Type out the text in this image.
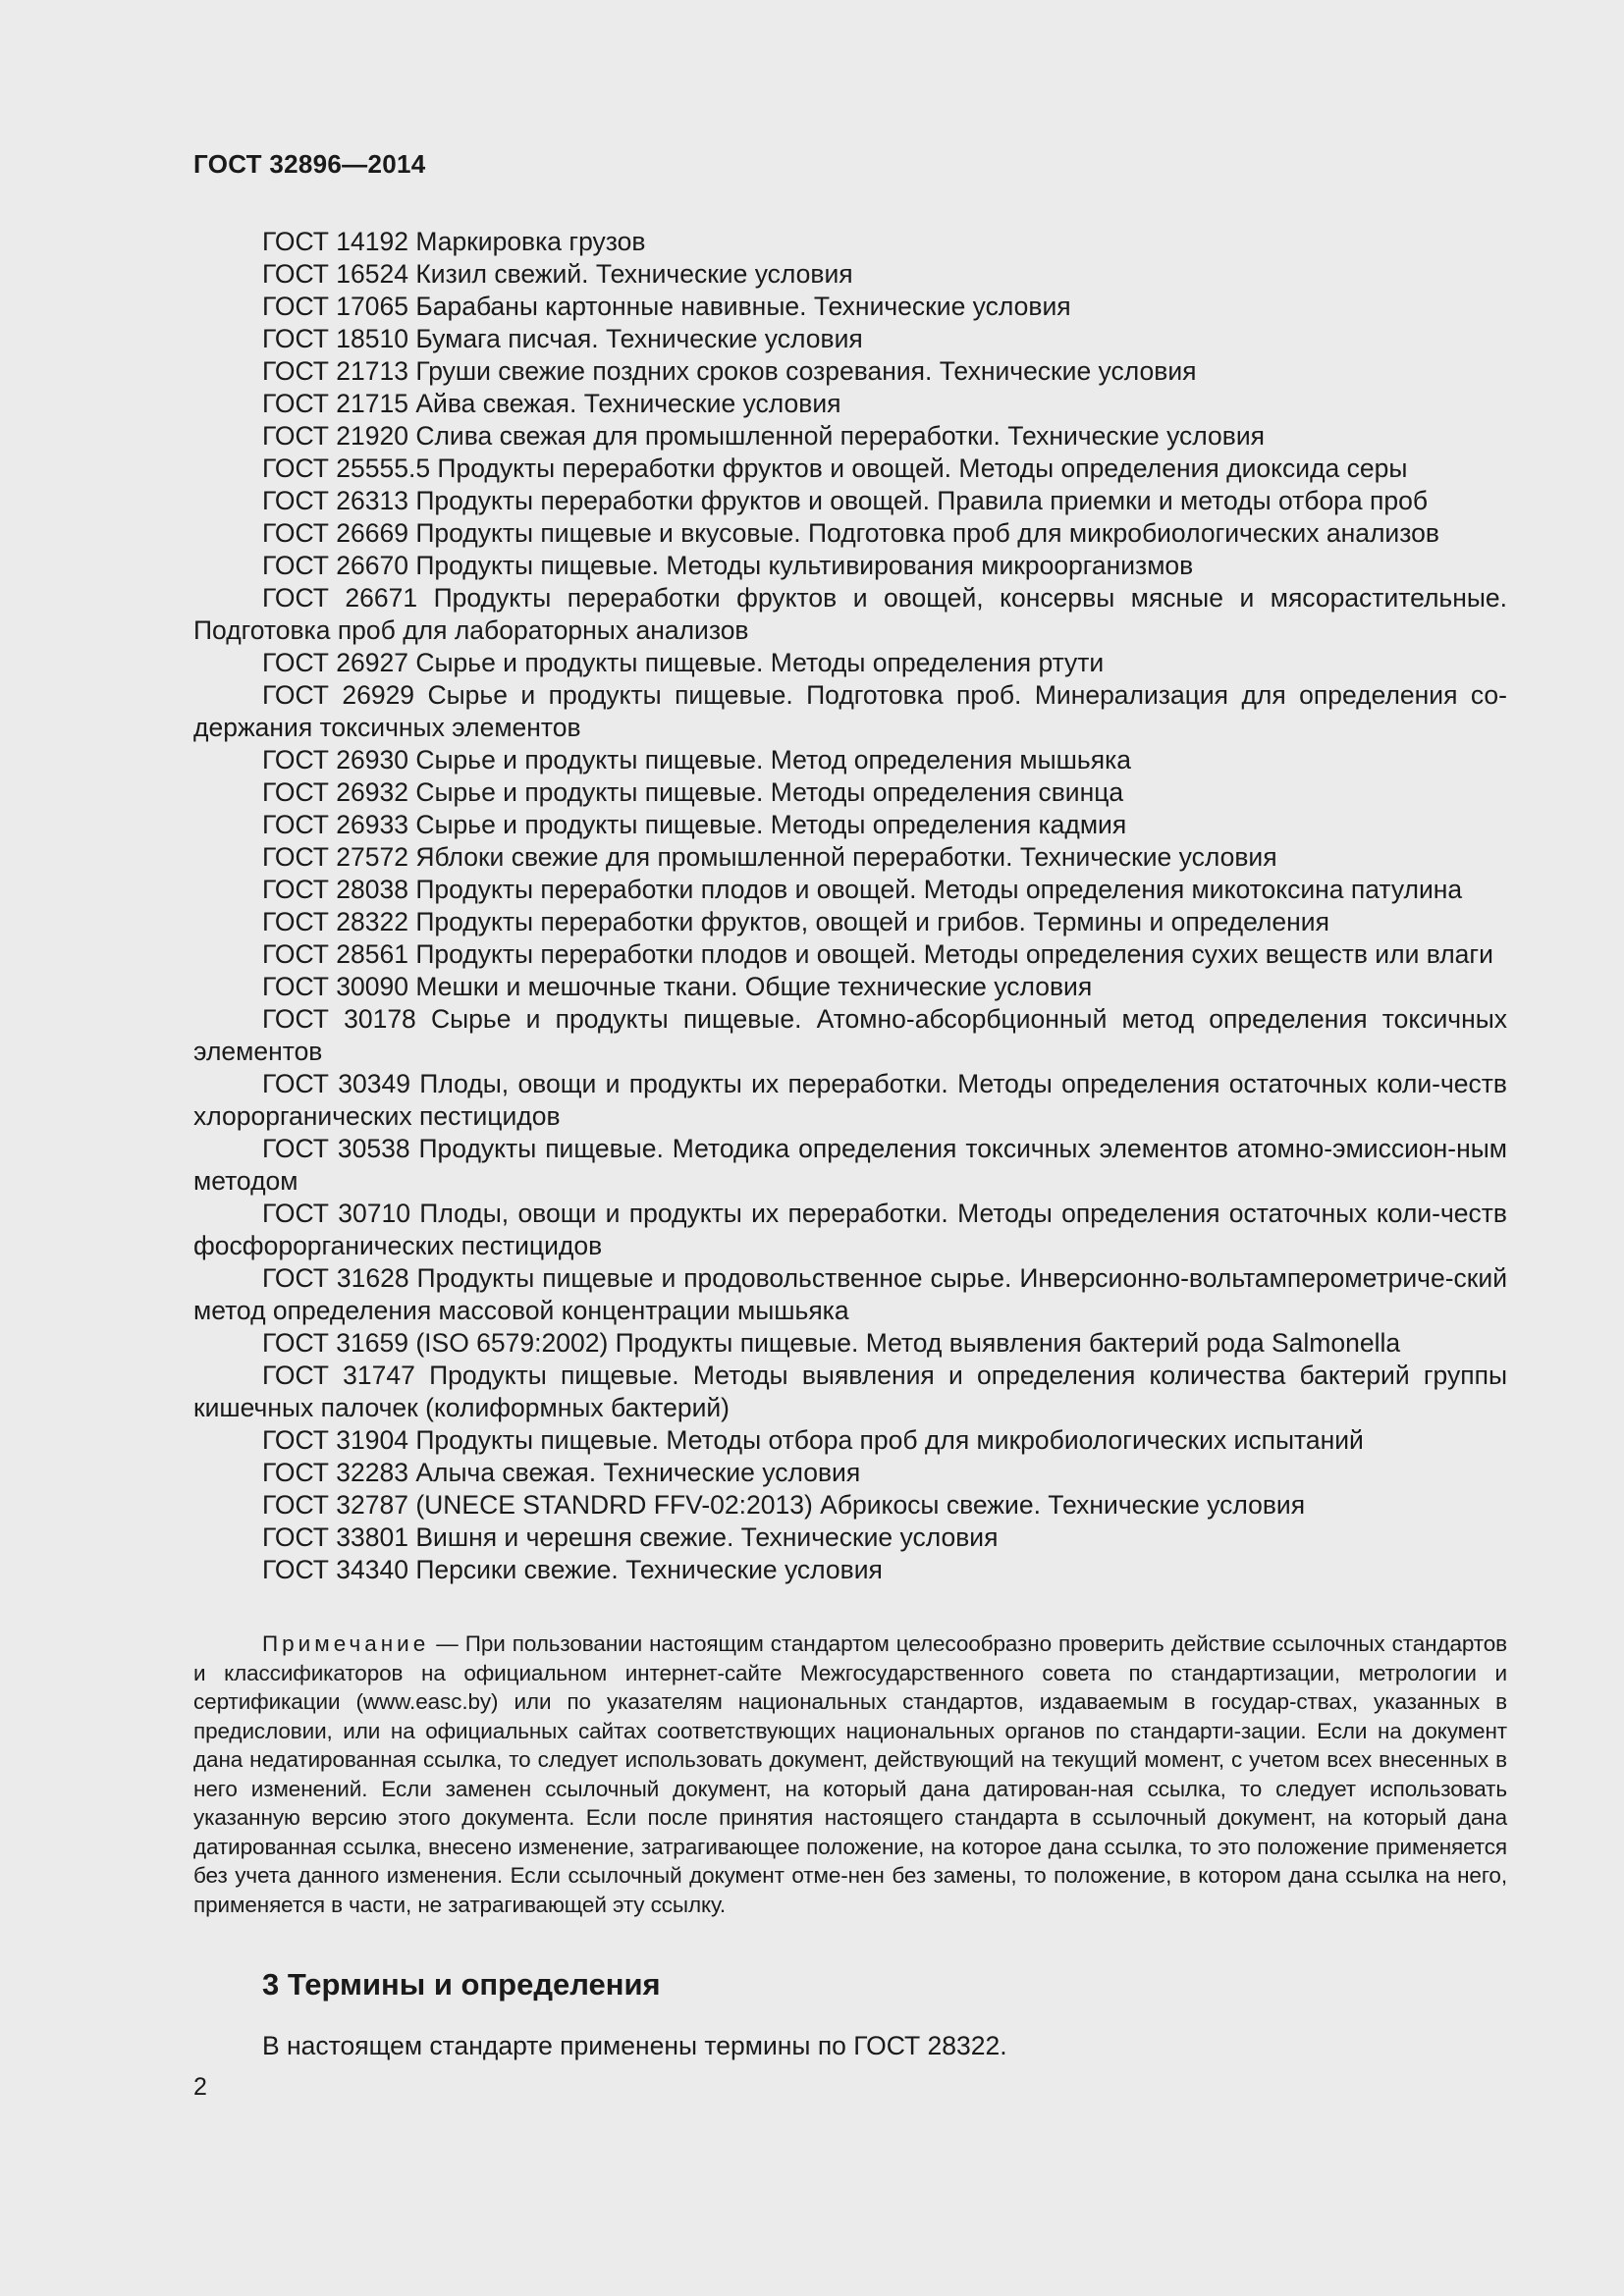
ГОСТ 32896—2014

ГОСТ 14192 Маркировка грузов

ГОСТ 16524 Кизил свежий. Технические условия

ГОСТ 17065 Барабаны картонные навивные. Технические условия

ГОСТ 18510 Бумага писчая. Технические условия

ГОСТ 21713 Груши свежие поздних сроков созревания. Технические условия

ГОСТ 21715 Айва свежая. Технические условия

ГОСТ 21920 Слива свежая для промышленной переработки. Технические условия

ГОСТ 25555.5 Продукты переработки фруктов и овощей. Методы определения диоксида серы

ГОСТ 26313 Продукты переработки фруктов и овощей. Правила приемки и методы отбора проб

ГОСТ 26669 Продукты пищевые и вкусовые. Подготовка проб для микробиологических анализов

ГОСТ 26670 Продукты пищевые. Методы культивирования микроорганизмов

ГОСТ 26671 Продукты переработки фруктов и овощей, консервы мясные и мясорастительные. Подготовка проб для лабораторных анализов

ГОСТ 26927 Сырье и продукты пищевые. Методы определения ртути

ГОСТ 26929 Сырье и продукты пищевые. Подготовка проб. Минерализация для определения со-держания токсичных элементов

ГОСТ 26930 Сырье и продукты пищевые. Метод определения мышьяка

ГОСТ 26932 Сырье и продукты пищевые. Методы определения свинца

ГОСТ 26933 Сырье и продукты пищевые. Методы определения кадмия

ГОСТ 27572 Яблоки свежие для промышленной переработки. Технические условия

ГОСТ 28038 Продукты переработки плодов и овощей. Методы определения микотоксина патулина

ГОСТ 28322 Продукты переработки фруктов, овощей и грибов. Термины и определения

ГОСТ 28561 Продукты переработки плодов и овощей. Методы определения сухих веществ или влаги

ГОСТ 30090 Мешки и мешочные ткани. Общие технические условия

ГОСТ 30178 Сырье и продукты пищевые. Атомно-абсорбционный метод определения токсичных элементов

ГОСТ 30349 Плоды, овощи и продукты их переработки. Методы определения остаточных коли-честв хлорорганических пестицидов

ГОСТ 30538 Продукты пищевые. Методика определения токсичных элементов атомно-эмиссион-ным методом

ГОСТ 30710 Плоды, овощи и продукты их переработки. Методы определения остаточных коли-честв фосфорорганических пестицидов

ГОСТ 31628 Продукты пищевые и продовольственное сырье. Инверсионно-вольтамперометриче-ский метод определения массовой концентрации мышьяка

ГОСТ 31659 (ISO 6579:2002) Продукты пищевые. Метод выявления бактерий рода Salmonella

ГОСТ 31747 Продукты пищевые. Методы выявления и определения количества бактерий группы кишечных палочек (колиформных бактерий)

ГОСТ 31904 Продукты пищевые. Методы отбора проб для микробиологических испытаний

ГОСТ 32283 Алыча свежая. Технические условия

ГОСТ 32787 (UNECE STANDRD FFV-02:2013) Абрикосы свежие. Технические условия

ГОСТ 33801 Вишня и черешня свежие. Технические условия

ГОСТ 34340 Персики свежие. Технические условия

Примечание — При пользовании настоящим стандартом целесообразно проверить действие ссылочных стандартов и классификаторов на официальном интернет-сайте Межгосударственного совета по стандартизации, метрологии и сертификации (www.easc.by) или по указателям национальных стандартов, издаваемым в государ-ствах, указанных в предисловии, или на официальных сайтах соответствующих национальных органов по стандарти-зации. Если на документ дана недатированная ссылка, то следует использовать документ, действующий на текущий момент, с учетом всех внесенных в него изменений. Если заменен ссылочный документ, на который дана датирован-ная ссылка, то следует использовать указанную версию этого документа. Если после принятия настоящего стандарта в ссылочный документ, на который дана датированная ссылка, внесено изменение, затрагивающее положение, на которое дана ссылка, то это положение применяется без учета данного изменения. Если ссылочный документ отме-нен без замены, то положение, в котором дана ссылка на него, применяется в части, не затрагивающей эту ссылку.
3 Термины и определения
В настоящем стандарте применены термины по ГОСТ 28322.
2
